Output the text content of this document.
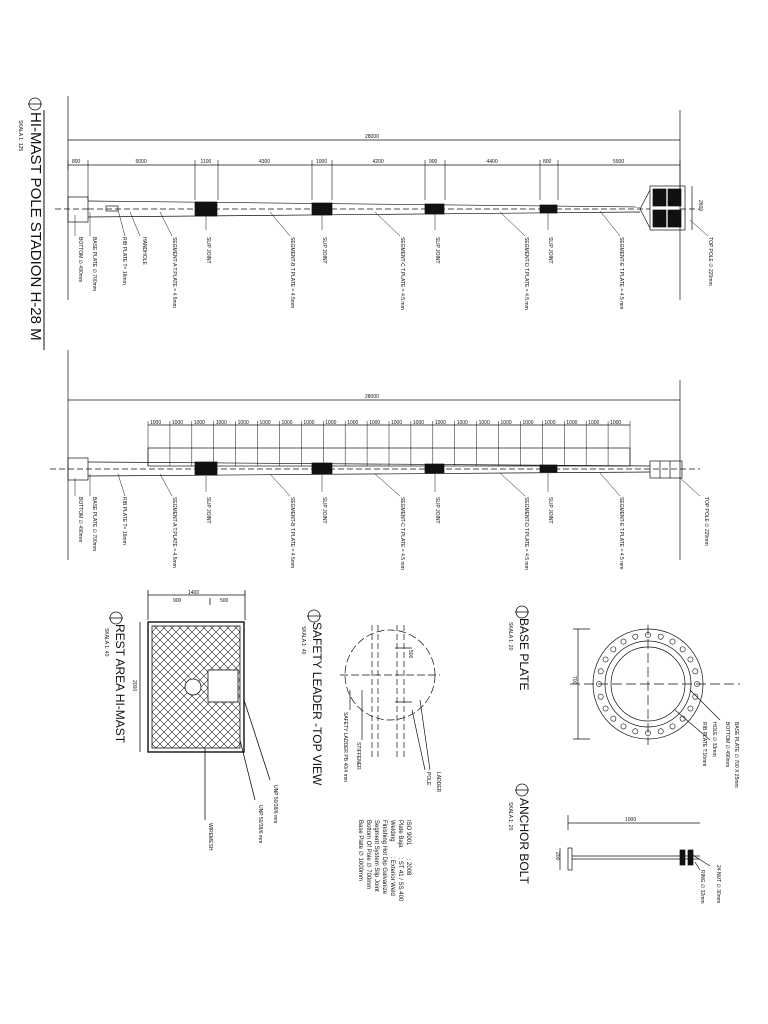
HI-MAST POLE STADION H-28 M
SKALA 1: 125	28000
800	5000	1100	4300	1000	4200	900	4400	800	5500
2600
BOTTOM ∅ 490mm BASE PLATE ∅ 700mm	RIB PLATE T= 16mm	HANDHOLE	SEGMENT-A T.PLATE = 4.5mm	SLIP JOINT	SEGMENT-B T.PLATE = 4.5mm	SLIP JOINT	SEGMENT-C T.PLATE = 4.5 mm	SLIP JOINT	SEGMENT-D T.PLATE = 4.5 mm	SLIP JOINT	SEGMENT-E T.PLATE = 4.5 mm	TOP POLE ∅ 220mm
28000
1000 1000 1000 1000 1000 1000 1000 1000 1000 1000 1000 1000 1000 1000 1000 1000 1000 1000 1000 1000 1000 1000
BOTTOM ∅ 490mm BASE PLATE ∅ 700mm	RIB PLATE T= 16mm	SEGMENT-A T.PLATE = 4.5mm	SLIP JOINT	SEGMENT-B T.PLATE = 4.5mm	SLIP JOINT	SEGMENT-C T.PLATE = 4.5 mm	SLIP JOINT	SEGMENT-D T.PLATE = 4.5 mm	SLIP JOINT	SEGMENT-E T.PLATE = 4.5 mm	TOP POLE ∅ 220mm
REST AREA HI-MAST
SKALA 1: 40
1400
900	500
2000
UNP 50/38/6 mm
UNP 50/38/6 mm
WIREMESH
SAFETY LEADER -TOP VIEW
SKALA 1: 40	500
SAFETY LADDER PB 40/4 mm STIFFENER
POLE LADDER
ISO 9001        : 2008
Plate Baja      : ST 41 / SS 400
Welding         : Exterior Weld
Finishing Hot Dip Galvanize
Segment System Slip Joint
Bottom Of Pole ∅ 700mm
Base Plate ∅ 1000mm
BASE PLATE
SKALA 1: 20
700
BASE PLATE ∅ 700 X 25mm
BOTTOM ∅ 490mm
HOLE ∅ 33mm
RIB PLATE T:16mm
ANCHOR BOLT
SKALA 1: 20	1000
200
24 NUT ∅ 30mm
RING ∅ 32mm
